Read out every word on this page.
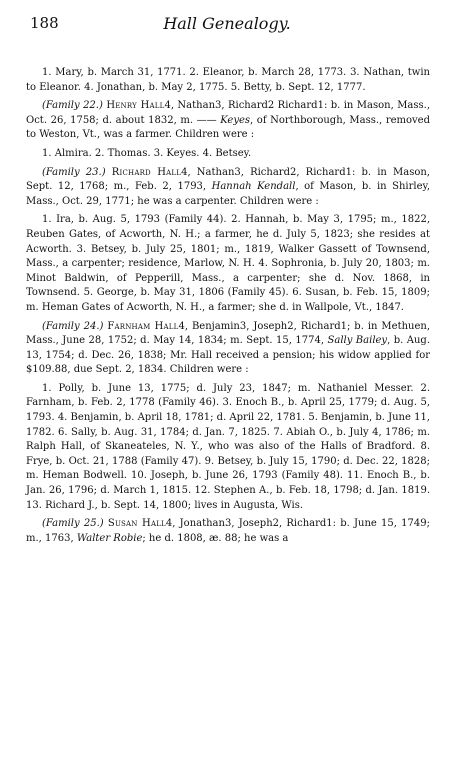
188	Hall Genealogy.

1. Mary, b. March 31, 1771. 2. Eleanor, b. March 28, 1773. 3. Nathan, twin to Eleanor. 4. Jonathan, b. May 2, 1775. 5. Betty, b. Sept. 12, 1777.

(Family 22.) Henry Hall4, Nathan3, Richard2 Richard1: b. in Mason, Mass., Oct. 26, 1758; d. about 1832, m. —— Keyes, of Northborough, Mass., removed to Weston, Vt., was a farmer. Children were :

1. Almira. 2. Thomas. 3. Keyes. 4. Betsey.

(Family 23.) Richard Hall4, Nathan3, Richard2, Richard1: b. in Mason, Sept. 12, 1768; m., Feb. 2, 1793, Hannah Kendall, of Mason, b. in Shirley, Mass., Oct. 29, 1771; he was a carpenter. Children were :

1. Ira, b. Aug. 5, 1793 (Family 44). 2. Hannah, b. May 3, 1795; m., 1822, Reuben Gates, of Acworth, N. H.; a farmer, he d. July 5, 1823; she resides at Acworth. 3. Betsey, b. July 25, 1801; m., 1819, Walker Gassett of Townsend, Mass., a carpenter; residence, Marlow, N. H. 4. Sophronia, b. July 20, 1803; m. Minot Baldwin, of Pepperill, Mass., a carpenter; she d. Nov. 1868, in Townsend. 5. George, b. May 31, 1806 (Family 45). 6. Susan, b. Feb. 15, 1809; m. Heman Gates of Acworth, N. H., a farmer; she d. in Wallpole, Vt., 1847.

(Family 24.) Farnham Hall4, Benjamin3, Joseph2, Richard1; b. in Methuen, Mass., June 28, 1752; d. May 14, 1834; m. Sept. 15, 1774, Sally Bailey, b. Aug. 13, 1754; d. Dec. 26, 1838; Mr. Hall received a pension; his widow applied for $109.88, due Sept. 2, 1834. Children were :

1. Polly, b. June 13, 1775; d. July 23, 1847; m. Nathaniel Messer. 2. Farnham, b. Feb. 2, 1778 (Family 46). 3. Enoch B., b. April 25, 1779; d. Aug. 5, 1793. 4. Benjamin, b. April 18, 1781; d. April 22, 1781. 5. Benjamin, b. June 11, 1782. 6. Sally, b. Aug. 31, 1784; d. Jan. 7, 1825. 7. Abiah O., b. July 4, 1786; m. Ralph Hall, of Skaneateles, N. Y., who was also of the Halls of Bradford. 8. Frye, b. Oct. 21, 1788 (Family 47). 9. Betsey, b. July 15, 1790; d. Dec. 22, 1828; m. Heman Bodwell. 10. Joseph, b. June 26, 1793 (Family 48). 11. Enoch B., b. Jan. 26, 1796; d. March 1, 1815. 12. Stephen A., b. Feb. 18, 1798; d. Jan. 1819. 13. Richard J., b. Sept. 14, 1800; lives in Augusta, Wis.

(Family 25.) Susan Hall4, Jonathan3, Joseph2, Richard1: b. June 15, 1749; m., 1763, Walter Robie; he d. 1808, æ. 88; he was a
